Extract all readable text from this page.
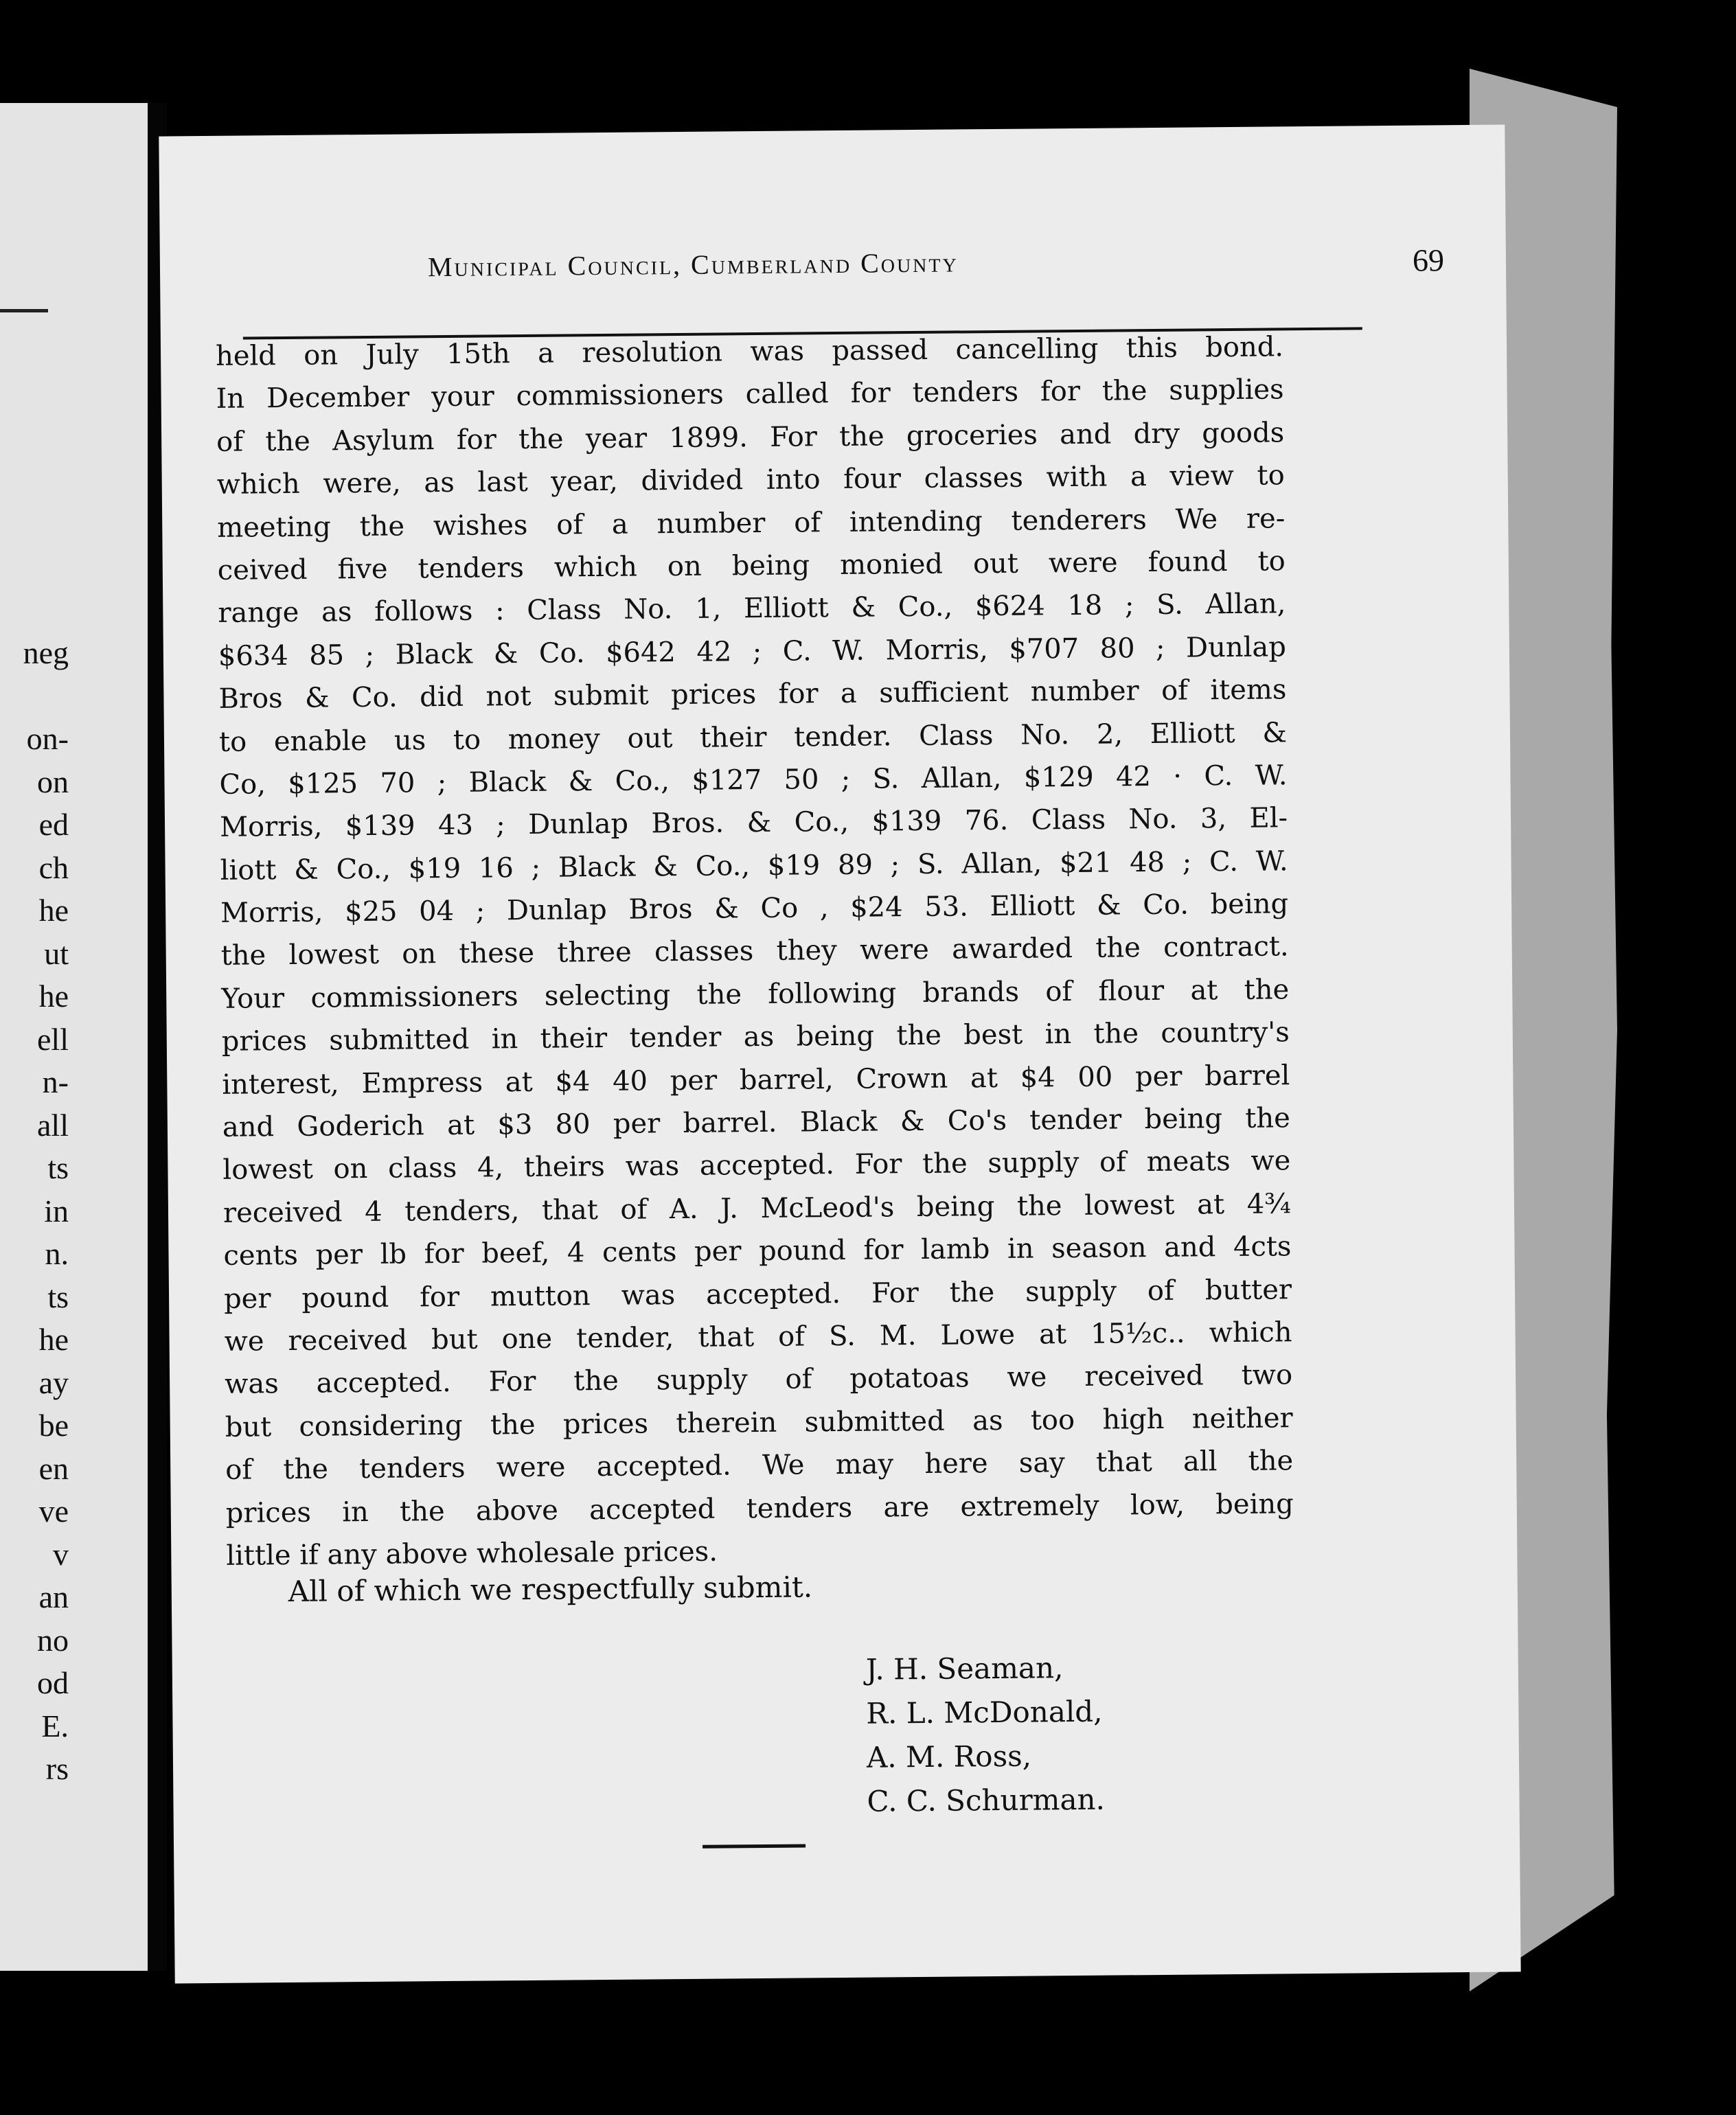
neg
on-
on
ed
ch
he
ut
he
ell
n-
all
ts
in
n.
ts
he
ay
be
en
ve
v
an
no
od
E.
rs
Municipal Council, Cumberland County	69
held on July 15th a resolution was passed cancelling this bond.
In December your commissioners called for tenders for the supplies
of the Asylum for the year 1899. For the groceries and dry goods
which were, as last year, divided into four classes with a view to
meeting the wishes of a number of intending tenderers We re-
ceived five tenders which on being monied out were found to
range as follows : Class No. 1, Elliott & Co., $624 18 ; S. Allan,
$634 85 ; Black & Co. $642 42 ; C. W. Morris, $707 80 ; Dunlap
Bros & Co. did not submit prices for a sufficient number of items
to enable us to money out their tender. Class No. 2, Elliott &
Co, $125 70 ; Black & Co., $127 50 ; S. Allan, $129 42 · C. W.
Morris, $139 43 ; Dunlap Bros. & Co., $139 76. Class No. 3, El-
liott & Co., $19 16 ; Black & Co., $19 89 ; S. Allan, $21 48 ; C. W.
Morris, $25 04 ; Dunlap Bros & Co , $24 53. Elliott & Co. being
the lowest on these three classes they were awarded the contract.
Your commissioners selecting the following brands of flour at the
prices submitted in their tender as being the best in the country's
interest, Empress at $4 40 per barrel, Crown at $4 00 per barrel
and Goderich at $3 80 per barrel. Black & Co's tender being the
lowest on class 4, theirs was accepted. For the supply of meats we
received 4 tenders, that of A. J. McLeod's being the lowest at 4¾
cents per lb for beef, 4 cents per pound for lamb in season and 4cts
per pound for mutton was accepted. For the supply of butter
we received but one tender, that of S. M. Lowe at 15½c.. which
was accepted. For the supply of potatoas we received two
but considering the prices therein submitted as too high neither
of the tenders were accepted. We may here say that all the
prices in the above accepted tenders are extremely low, being
little if any above wholesale prices.
All of which we respectfully submit.
J. H. Seaman,
R. L. McDonald,
A. M. Ross,
C. C. Schurman.
